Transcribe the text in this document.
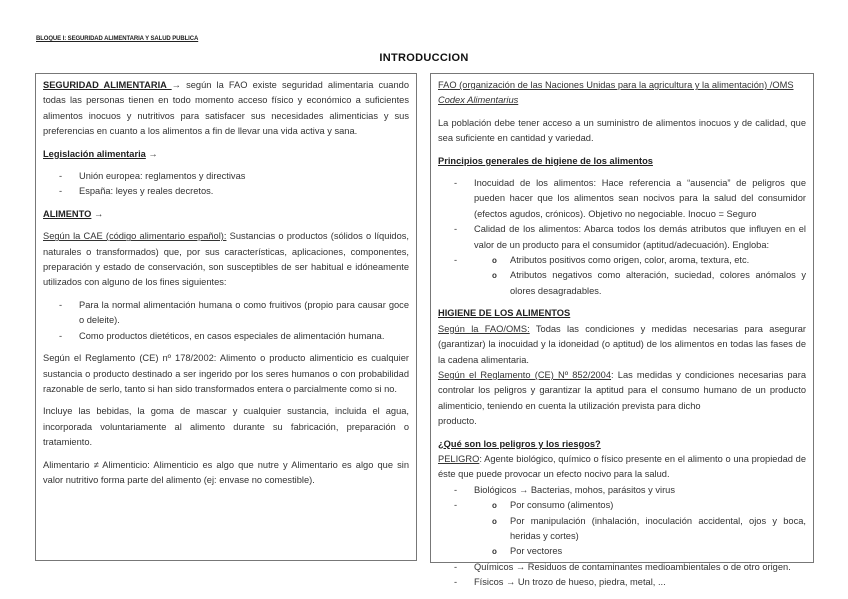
BLOQUE I: SEGURIDAD ALIMENTARIA Y SALUD PUBLICA
INTRODUCCION

SEGURIDAD ALIMENTARIA → según la FAO existe seguridad alimentaria cuando todas las personas tienen en todo momento acceso físico y económico a suficientes alimentos inocuos y nutritivos para satisfacer sus necesidades alimenticias y sus preferencias en cuanto a los alimentos a fin de llevar una vida activa y sana.

Legislación alimentaria →

- Unión europea: reglamentos y directivas
- España: leyes y reales decretos.

ALIMENTO →

Según la CAE (código alimentario español): Sustancias o productos (sólidos o líquidos, naturales o transformados) que, por sus características, aplicaciones, componentes, preparación y estado de conservación, son susceptibles de ser habitual e idóneamente utilizados con alguno de los fines siguientes:

- Para la normal alimentación humana o como fruitivos (propio para causar goce o deleite).
- Como productos dietéticos, en casos especiales de alimentación humana.

Según el Reglamento (CE) nº 178/2002: Alimento o producto alimenticio es cualquier sustancia o producto destinado a ser ingerido por los seres humanos o con probabilidad razonable de serlo, tanto si han sido transformados entera o parcialmente como si no.

Incluye las bebidas, la goma de mascar y cualquier sustancia, incluida el agua, incorporada voluntariamente al alimento durante su fabricación, preparación o tratamiento.

Alimentario ≠ Alimenticio: Alimenticio es algo que nutre y Alimentario es algo que sin valor nutritivo forma parte del alimento (ej: envase no comestible).

FAO (organización de las Naciones Unidas para la agricultura y la alimentación) /OMS
Codex Alimentarius

La población debe tener acceso a un suministro de alimentos inocuos y de calidad, que sea suficiente en cantidad y variedad.

Principios generales de higiene de los alimentos

- Inocuidad de los alimentos: Hace referencia a “ausencia” de peligros que pueden hacer que los alimentos sean nocivos para la salud del consumidor (efectos agudos, crónicos). Objetivo no negociable. Inocuo = Seguro
- Calidad de los alimentos: Abarca todos los demás atributos que influyen en el valor de un producto para el consumidor (aptitud/adecuación). Engloba:
o - Atributos positivos como origen, color, aroma, textura, etc.
o Atributos negativos como alteración, suciedad, colores anómalos y olores desagradables.

HIGIENE DE LOS ALIMENTOS

Según la FAO/OMS: Todas las condiciones y medidas necesarias para asegurar (garantizar) la inocuidad y la idoneidad (o aptitud) de los alimentos en todas las fases de la cadena alimentaria.

Según el Reglamento (CE) Nº 852/2004: Las medidas y condiciones necesarias para controlar los peligros y garantizar la aptitud para el consumo humano de un producto alimenticio, teniendo en cuenta la utilización prevista para dicho

producto.

¿Qué son los peligros y los riesgos?

PELIGRO: Agente biológico, químico o físico presente en el alimento o una propiedad de éste que puede provocar un efecto nocivo para la salud.

- Biológicos → Bacterias, mohos, parásitos y virus
o - Por consumo (alimentos)
o Por manipulación (inhalación, inoculación accidental, ojos y boca, heridas y cortes)
o Por vectores
- Químicos → Residuos de contaminantes medioambientales o de otro origen.
- Físicos → Un trozo de hueso, piedra, metal, ...
